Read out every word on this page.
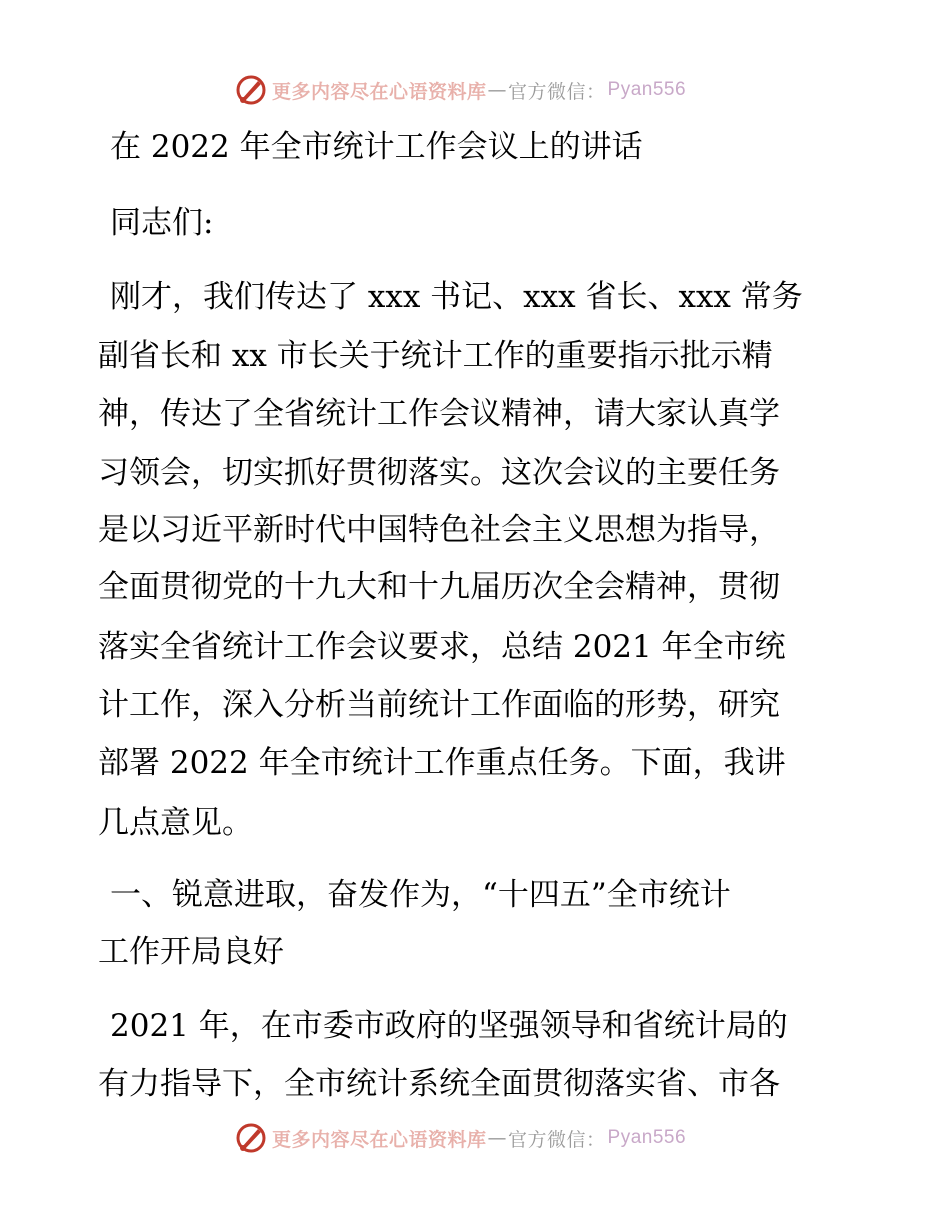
更多内容尽在心语资料库 — 官方微信： Pyan556
在 2022 年全市统计工作会议上的讲话
同志们:
刚才，我们传达了 xxx 书记、xxx 省长、xxx 常务
副省长和 xx 市长关于统计工作的重要指示批示精
神，传达了全省统计工作会议精神，请大家认真学
习领会，切实抓好贯彻落实。这次会议的主要任务
是以习近平新时代中国特色社会主义思想为指导，
全面贯彻党的十九大和十九届历次全会精神，贯彻
落实全省统计工作会议要求，总结 2021 年全市统
计工作，深入分析当前统计工作面临的形势，研究
部署 2022 年全市统计工作重点任务。下面，我讲
几点意见。
一、锐意进取，奋发作为，“十四五”全市统计
工作开局良好
2021 年，在市委市政府的坚强领导和省统计局的
有力指导下，全市统计系统全面贯彻落实省、市各
更多内容尽在心语资料库 — 官方微信： Pyan556
